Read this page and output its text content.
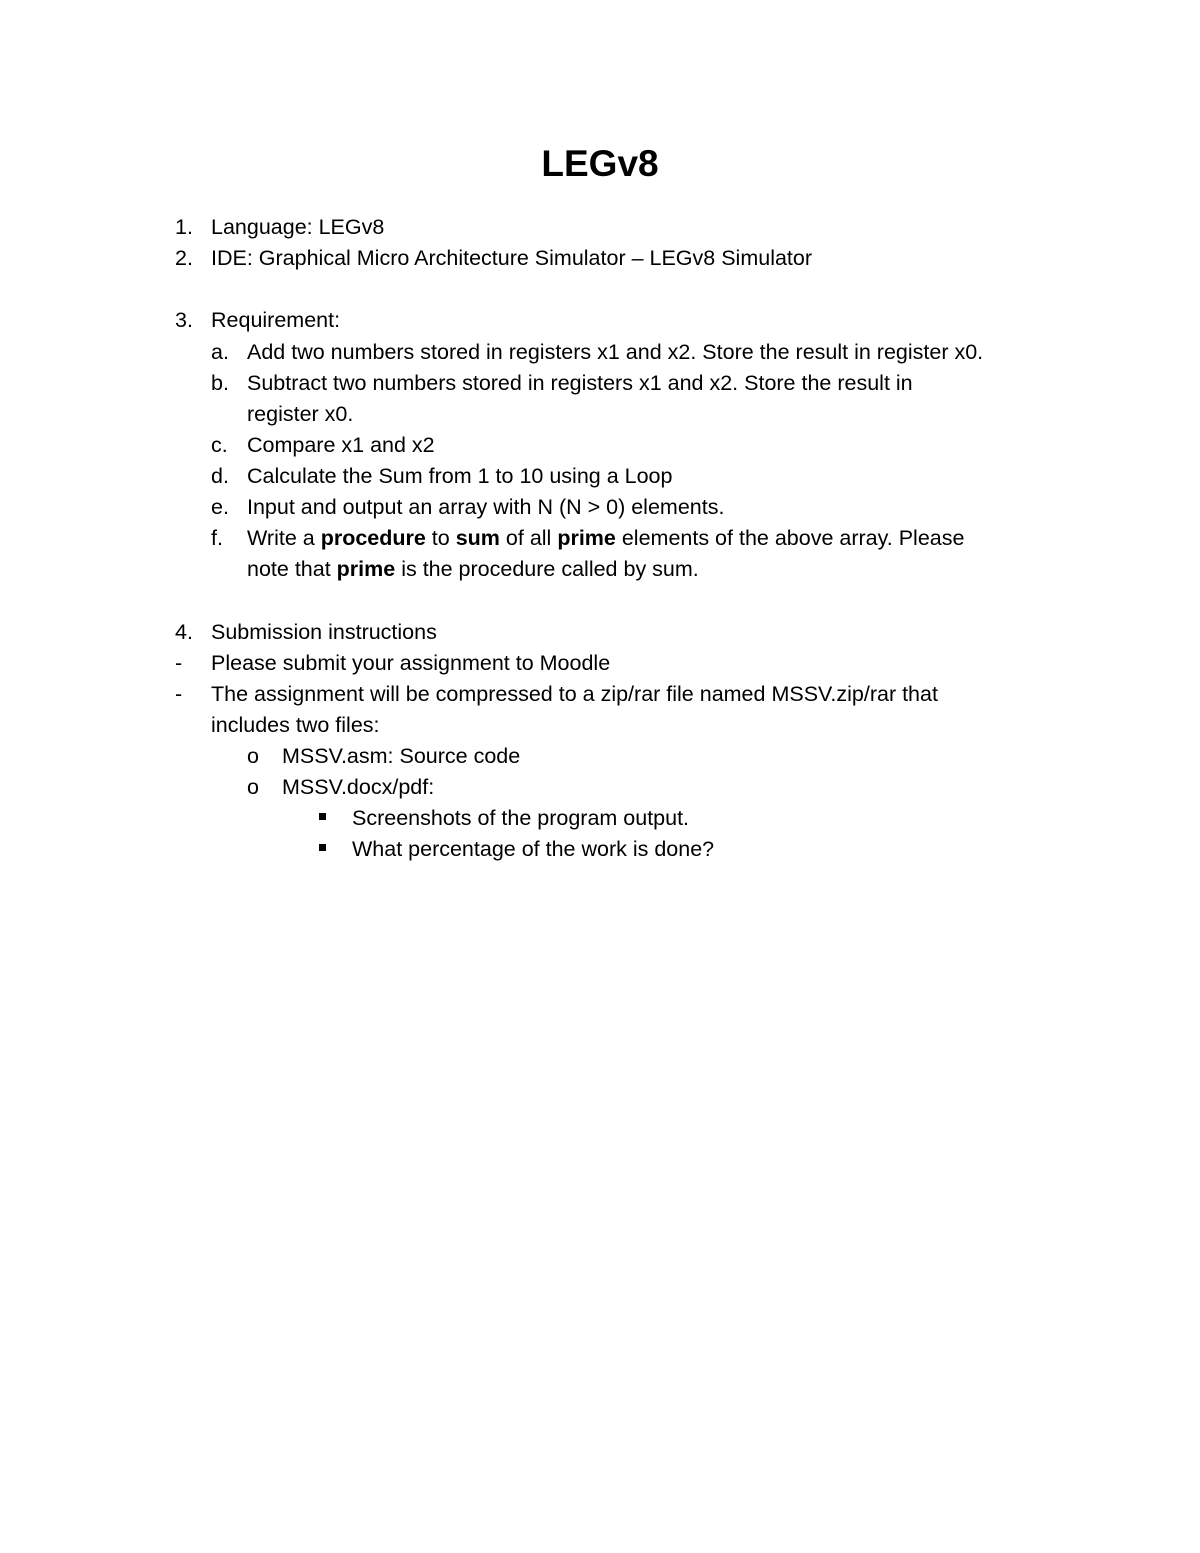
LEGv8
1. Language: LEGv8
2. IDE: Graphical Micro Architecture Simulator – LEGv8 Simulator
3. Requirement:
a. Add two numbers stored in registers x1 and x2. Store the result in register x0.
b. Subtract two numbers stored in registers x1 and x2. Store the result in
register x0.
c. Compare x1 and x2
d. Calculate the Sum from 1 to 10 using a Loop
e. Input and output an array with N (N > 0) elements.
f. Write a procedure to sum of all prime elements of the above array. Please
note that prime is the procedure called by sum.
4. Submission instructions
- Please submit your assignment to Moodle
- The assignment will be compressed to a zip/rar file named MSSV.zip/rar that
includes two files:
o MSSV.asm: Source code
o MSSV.docx/pdf:
Screenshots of the program output.
What percentage of the work is done?
